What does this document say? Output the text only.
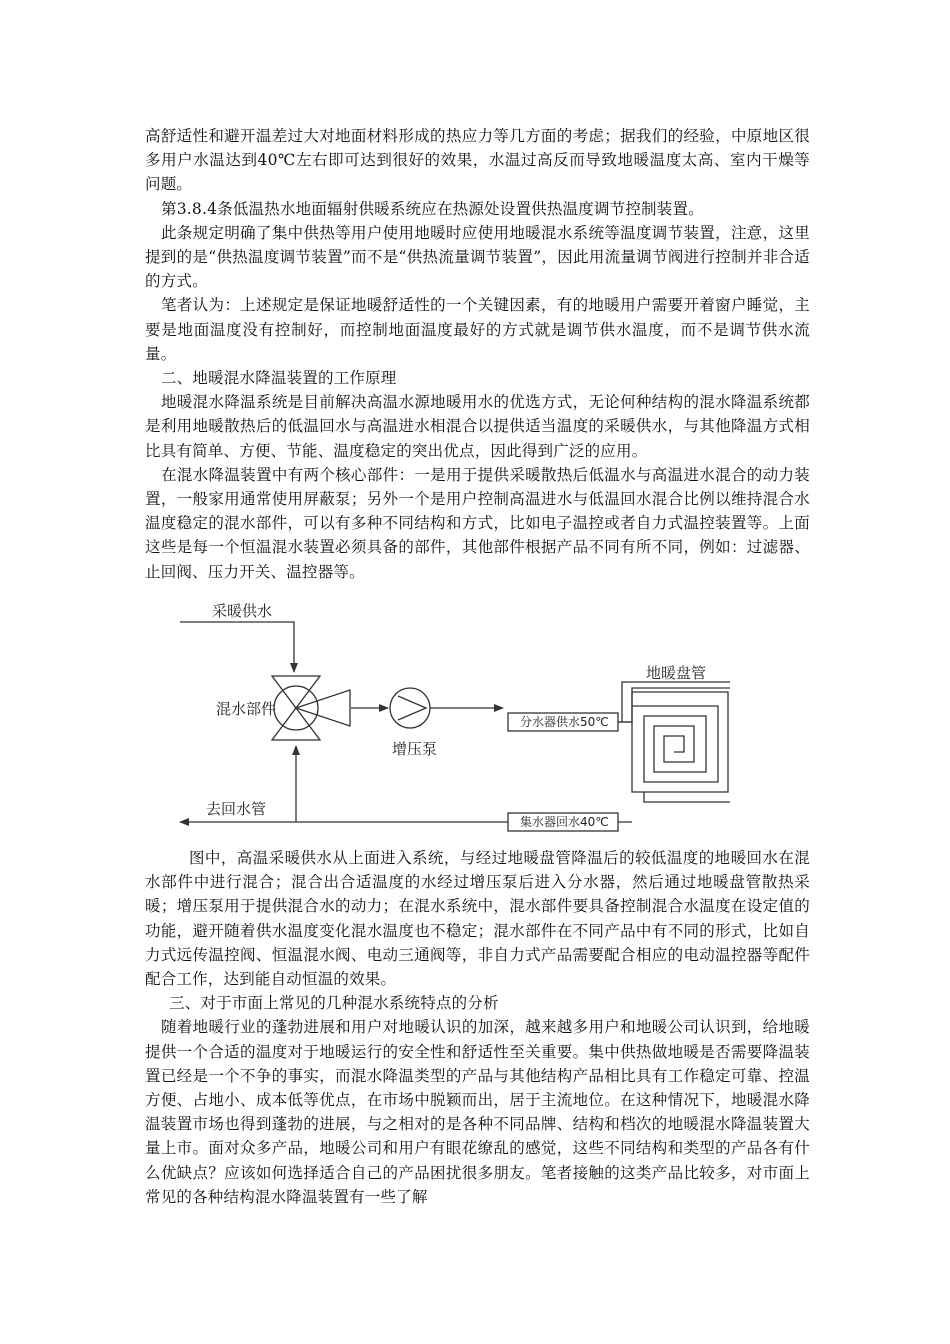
高舒适性和避开温差过大对地面材料形成的热应力等几方面的考虑；据我们的经验，中原地区很多用户水温达到40℃左右即可达到很好的效果，水温过高反而导致地暖温度太高、室内干燥等问题。

第3.8.4条低温热水地面辐射供暖系统应在热源处设置供热温度调节控制装置。

此条规定明确了集中供热等用户使用地暖时应使用地暖混水系统等温度调节装置，注意，这里提到的是“供热温度调节装置”而不是“供热流量调节装置”，因此用流量调节阀进行控制并非合适的方式。

笔者认为：上述规定是保证地暖舒适性的一个关键因素，有的地暖用户需要开着窗户睡觉，主要是地面温度没有控制好，而控制地面温度最好的方式就是调节供水温度，而不是调节供水流量。

二、地暖混水降温装置的工作原理

地暖混水降温系统是目前解决高温水源地暖用水的优选方式，无论何种结构的混水降温系统都是利用地暖散热后的低温回水与高温进水相混合以提供适当温度的采暖供水，与其他降温方式相比具有简单、方便、节能、温度稳定的突出优点，因此得到广泛的应用。

在混水降温装置中有两个核心部件：一是用于提供采暖散热后低温水与高温进水混合的动力装置，一般家用通常使用屏蔽泵；另外一个是用户控制高温进水与低温回水混合比例以维持混合水温度稳定的混水部件，可以有多种不同结构和方式，比如电子温控或者自力式温控装置等。上面这些是每一个恒温混水装置必须具备的部件，其他部件根据产品不同有所不同，例如：过滤器、止回阀、压力开关、温控器等。

采暖供水
混水部件
增压泵
地暖盘管
分水器供水50℃
集水器回水40℃
去回水管

图中，高温采暖供水从上面进入系统，与经过地暖盘管降温后的较低温度的地暖回水在混水部件中进行混合；混合出合适温度的水经过增压泵后进入分水器，然后通过地暖盘管散热采暖；增压泵用于提供混合水的动力；在混水系统中，混水部件要具备控制混合水温度在设定值的功能，避开随着供水温度变化混水温度也不稳定；混水部件在不同产品中有不同的形式，比如自力式远传温控阀、恒温混水阀、电动三通阀等，非自力式产品需要配合相应的电动温控器等配件配合工作，达到能自动恒温的效果。

三、对于市面上常见的几种混水系统特点的分析

随着地暖行业的蓬勃进展和用户对地暖认识的加深，越来越多用户和地暖公司认识到，给地暖提供一个合适的温度对于地暖运行的安全性和舒适性至关重要。集中供热做地暖是否需要降温装置已经是一个不争的事实，而混水降温类型的产品与其他结构产品相比具有工作稳定可靠、控温方便、占地小、成本低等优点，在市场中脱颖而出，居于主流地位。在这种情况下，地暖混水降温装置市场也得到蓬勃的进展，与之相对的是各种不同品牌、结构和档次的地暖混水降温装置大量上市。面对众多产品，地暖公司和用户有眼花缭乱的感觉，这些不同结构和类型的产品各有什么优缺点？应该如何选择适合自己的产品困扰很多朋友。笔者接触的这类产品比较多，对市面上常见的各种结构混水降温装置有一些了解
